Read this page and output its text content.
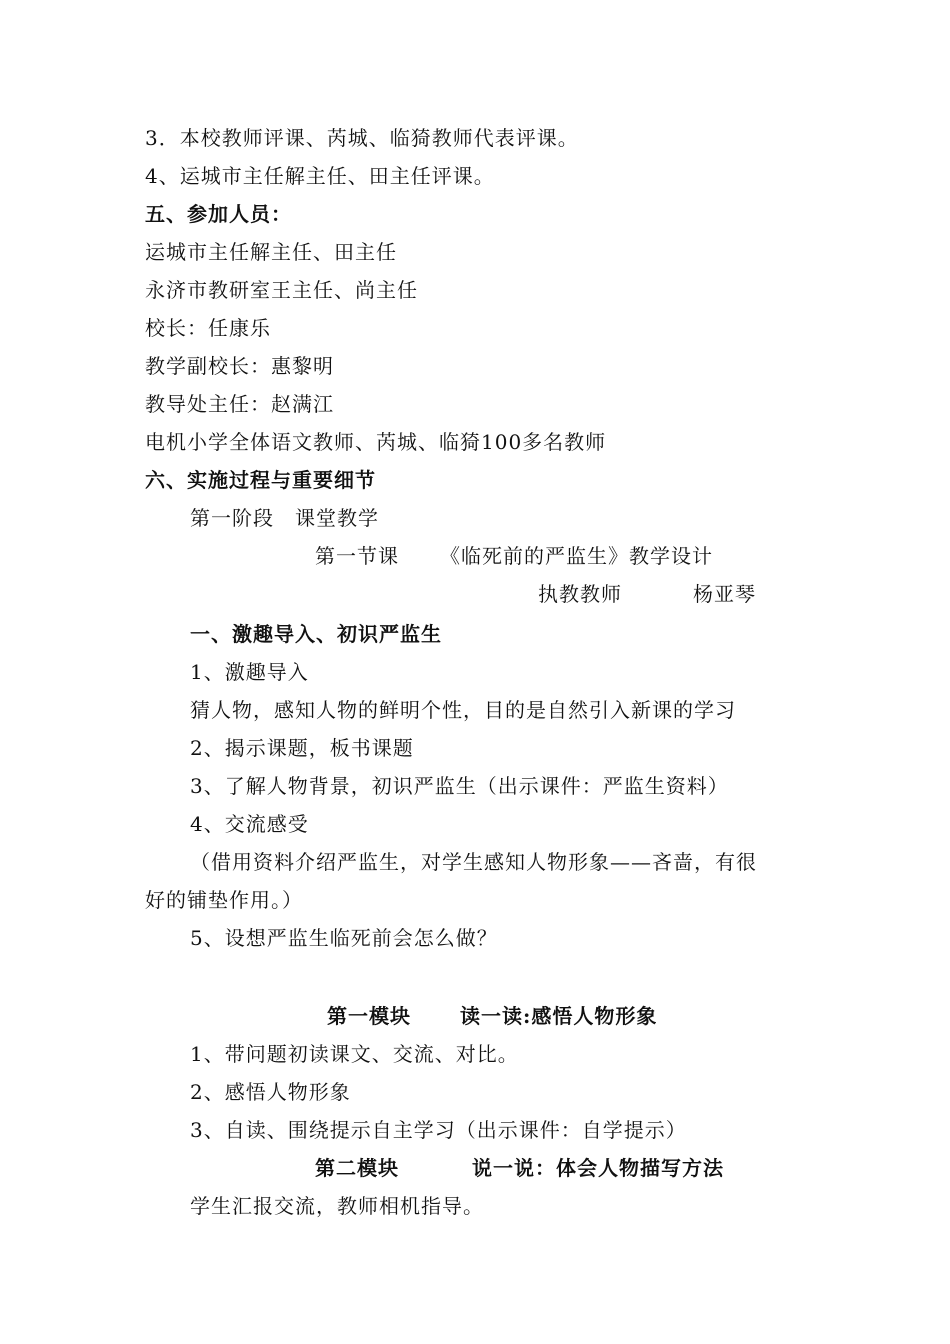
3．本校教师评课、芮城、临猗教师代表评课。
4、运城市主任解主任、田主任评课。
五、参加人员：
运城市主任解主任、田主任
永济市教研室王主任、尚主任
校长：任康乐
教学副校长：惠黎明
教导处主任：赵满江
电机小学全体语文教师、芮城、临猗100多名教师
六、实施过程与重要细节
第一阶段　课堂教学
第一节课 《临死前的严监生》教学设计
执教教师	杨亚琴
一、激趣导入、初识严监生
1、激趣导入
猜人物，感知人物的鲜明个性，目的是自然引入新课的学习
2、揭示课题，板书课题
3、了解人物背景，初识严监生（出示课件：严监生资料）
4、交流感受
（借用资料介绍严监生，对学生感知人物形象——吝啬，有很
好的铺垫作用。）
5、设想严监生临死前会怎么做？
第一模块 读一读:感悟人物形象
1、带问题初读课文、交流、对比。
2、感悟人物形象
3、自读、围绕提示自主学习（出示课件：自学提示）
第二模块	说一说：体会人物描写方法
学生汇报交流，教师相机指导。
